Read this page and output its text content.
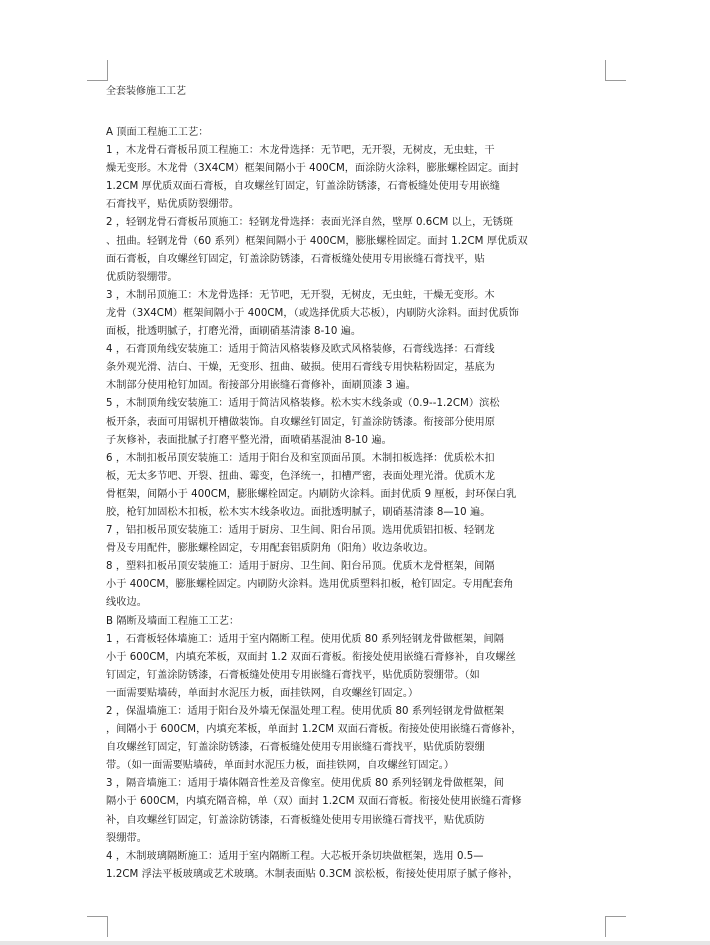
全套装修施工工艺
A 顶面工程施工工艺：
1 ，木龙骨石膏板吊顶工程施工：木龙骨选择：无节吧，无开裂，无树皮，无虫蛀，干
燥无变形。木龙骨（3X4CM）框架间隔小于 400CM，面涂防火涂料，膨胀螺栓固定。面封
1.2CM 厚优质双面石膏板，自攻螺丝钉固定，钉盖涂防锈漆，石膏板缝处使用专用嵌缝
石膏找平，贴优质防裂绷带。
2 ，轻钢龙骨石膏板吊顶施工：轻钢龙骨选择：表面光泽自然，壁厚 0.6CM 以上，无锈斑
、扭曲。轻钢龙骨（60 系列）框架间隔小于 400CM，膨胀螺栓固定。面封 1.2CM 厚优质双
面石膏板，自攻螺丝钉固定，钉盖涂防锈漆，石膏板缝处使用专用嵌缝石膏找平，贴
优质防裂绷带。
3 ，木制吊顶施工：木龙骨选择：无节吧，无开裂，无树皮，无虫蛀，干燥无变形。木
龙骨（3X4CM）框架间隔小于 400CM，（或选择优质大芯板），内刷防火涂料。面封优质饰
面板，批透明腻子，打磨光滑，面刷硝基清漆 8-10 遍。
4 ，石膏顶角线安装施工：适用于简洁风格装修及欧式风格装修，石膏线选择：石膏线
条外观光滑、洁白、干燥，无变形、扭曲、破损。使用石膏线专用快粘粉固定，基底为
木制部分使用枪钉加固。衔接部分用嵌缝石膏修补，面刷顶漆 3 遍。
5 ，木制顶角线安装施工：适用于简洁风格装修。松木实木线条或（0.9--1.2CM）滨松
板开条，表面可用锯机开槽做装饰。自攻螺丝钉固定，钉盖涂防锈漆。衔接部分使用原
子灰修补，表面批腻子打磨平整光滑，面喷硝基混油 8-10 遍。
6 ，木制扣板吊顶安装施工：适用于阳台及和室顶面吊顶。木制扣板选择：优质松木扣
板，无太多节吧、开裂、扭曲、霉变，色泽统一，扣槽严密，表面处理光滑。优质木龙
骨框架，间隔小于 400CM，膨胀螺栓固定。内刷防火涂料。面封优质 9 厘板，封环保白乳
胶，枪钉加固松木扣板，松木实木线条收边。面批透明腻子，刷硝基清漆 8—10 遍。
7 ，铝扣板吊顶安装施工：适用于厨房、卫生间、阳台吊顶。选用优质铝扣板、轻钢龙
骨及专用配件，膨胀螺栓固定，专用配套铝质阴角（阳角）收边条收边。
8 ，塑料扣板吊顶安装施工：适用于厨房、卫生间、阳台吊顶。优质木龙骨框架，间隔
小于 400CM，膨胀螺栓固定。内刷防火涂料。选用优质塑料扣板，枪钉固定。专用配套角
线收边。
B 隔断及墙面工程施工工艺：
1 ，石膏板轻体墙施工：适用于室内隔断工程。使用优质 80 系列轻钢龙骨做框架，间隔
小于 600CM，内填充苯板，双面封 1.2 双面石膏板。衔接处使用嵌缝石膏修补，自攻螺丝
钉固定，钉盖涂防锈漆，石膏板缝处使用专用嵌缝石膏找平，贴优质防裂绷带。（如
一面需要贴墙砖，单面封水泥压力板，面挂铁网，自攻螺丝钉固定。）
2 ，保温墙施工：适用于阳台及外墙无保温处理工程。使用优质 80 系列轻钢龙骨做框架
，间隔小于 600CM，内填充苯板，单面封 1.2CM 双面石膏板。衔接处使用嵌缝石膏修补，
自攻螺丝钉固定，钉盖涂防锈漆，石膏板缝处使用专用嵌缝石膏找平，贴优质防裂绷
带。（如一面需要贴墙砖，单面封水泥压力板，面挂铁网，自攻螺丝钉固定。）
3 ，隔音墙施工：适用于墙体隔音性差及音像室。使用优质 80 系列轻钢龙骨做框架，间
隔小于 600CM，内填充隔音棉，单（双）面封 1.2CM 双面石膏板。衔接处使用嵌缝石膏修
补，自攻螺丝钉固定，钉盖涂防锈漆，石膏板缝处使用专用嵌缝石膏找平，贴优质防
裂绷带。
4 ，木制玻璃隔断施工：适用于室内隔断工程。大芯板开条切块做框架，选用 0.5—
1.2CM 浮法平板玻璃或艺术玻璃。木制表面贴 0.3CM 滨松板，衔接处使用原子腻子修补，
